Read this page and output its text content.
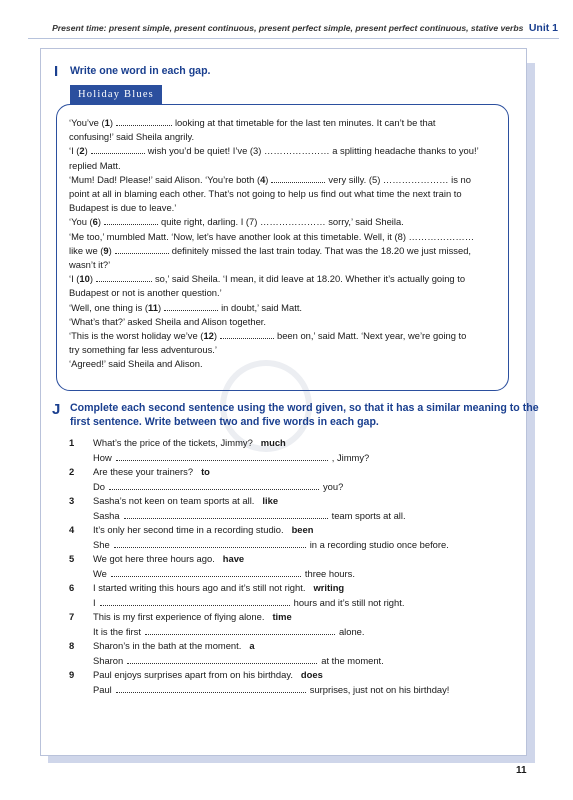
Present time: present simple, present continuous, present perfect simple, present perfect continuous, stative verbs Unit 1
I Write one word in each gap.
Holiday Blues
‘You’ve (1)	looking at that timetable for the last ten minutes. It can’t be that
confusing!’ said Sheila angrily.
‘I (2)	wish you’d be quiet! I’ve (3) ………………… a splitting headache thanks to you!’
replied Matt.
‘Mum! Dad! Please!’ said Alison. ‘You’re both (4)	very silly. (5) ………………… is no
point at all in blaming each other. That’s not going to help us find out what time the next train to
Budapest is due to leave.’
‘You (6)	quite right, darling. I (7) ………………… sorry,’ said Sheila.
‘Me too,’ mumbled Matt. ‘Now, let’s have another look at this timetable. Well, it (8) …………………
like we (9)	definitely missed the last train today. That was the 18.20 we just missed,
wasn’t it?’
‘I (10)	so,’ said Sheila. ‘I mean, it did leave at 18.20. Whether it’s actually going to
Budapest or not is another question.’
‘Well, one thing is (11)	in doubt,’ said Matt.
‘What’s that?’ asked Sheila and Alison together.
‘This is the worst holiday we’ve (12)	been on,’ said Matt. ‘Next year, we’re going to
try something far less adventurous.’
‘Agreed!’ said Sheila and Alison.
J Complete each second sentence using the word given, so that it has a similar meaning to the
first sentence. Write between two and five words in each gap.
1 What’s the price of the tickets, Jimmy? much
How	, Jimmy?
2 Are these your trainers? to
Do	you?
3 Sasha’s not keen on team sports at all. like
Sasha	team sports at all.
4 It’s only her second time in a recording studio. been
She	in a recording studio once before.
5 We got here three hours ago. have
We	three hours.
6 I started writing this hours ago and it’s still not right. writing
I	hours and it’s still not right.
7 This is my first experience of flying alone. time
It is the first	alone.
8 Sharon’s in the bath at the moment. a
Sharon	at the moment.
9 Paul enjoys surprises apart from on his birthday. does
Paul	surprises, just not on his birthday!
11
